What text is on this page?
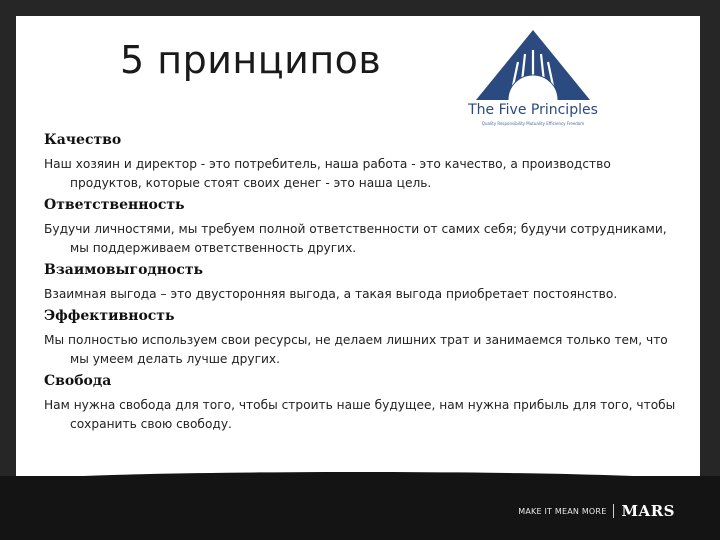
5 принципов
The Five Principles
Quality Responsibility Mutuality Efficiency Freedom
Качество
Наш хозяин и директор - это потребитель, наша работа - это качество, а производство продуктов, которые стоят своих денег - это наша цель.
Ответственность
Будучи личностями, мы требуем полной ответственности от самих себя; будучи сотрудниками, мы поддерживаем ответственность других.
Взаимовыгодность
Взаимная выгода – это двусторонняя выгода, а такая выгода приобретает постоянство.
Эффективность
Мы полностью используем свои ресурсы, не делаем лишних трат и занимаемся только тем, что мы умеем делать лучше других.
Свобода
Нам нужна свобода для того, чтобы строить наше будущее, нам нужна прибыль для того, чтобы сохранить свою свободу.
MAKE IT MEAN MORE MARS
